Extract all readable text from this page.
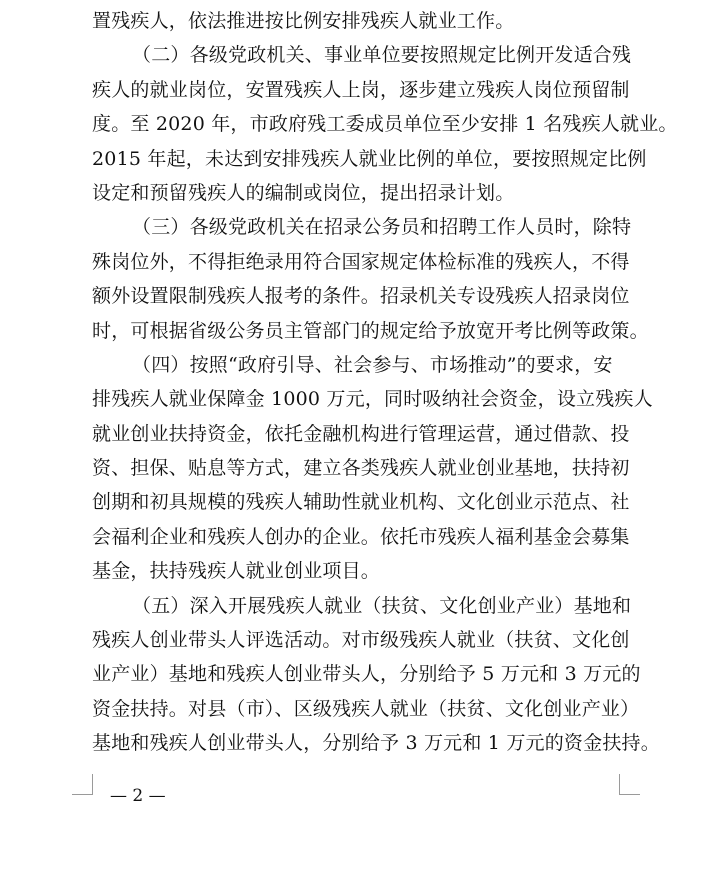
置残疾人，依法推进按比例安排残疾人就业工作。
（二）各级党政机关、事业单位要按照规定比例开发适合残
疾人的就业岗位，安置残疾人上岗，逐步建立残疾人岗位预留制
度。至 2020 年，市政府残工委成员单位至少安排 1 名残疾人就业。
2015 年起，未达到安排残疾人就业比例的单位，要按照规定比例
设定和预留残疾人的编制或岗位，提出招录计划。
（三）各级党政机关在招录公务员和招聘工作人员时，除特
殊岗位外，不得拒绝录用符合国家规定体检标准的残疾人，不得
额外设置限制残疾人报考的条件。招录机关专设残疾人招录岗位
时，可根据省级公务员主管部门的规定给予放宽开考比例等政策。
（四）按照“政府引导、社会参与、市场推动”的要求，安
排残疾人就业保障金 1000 万元，同时吸纳社会资金，设立残疾人
就业创业扶持资金，依托金融机构进行管理运营，通过借款、投
资、担保、贴息等方式，建立各类残疾人就业创业基地，扶持初
创期和初具规模的残疾人辅助性就业机构、文化创业示范点、社
会福利企业和残疾人创办的企业。依托市残疾人福利基金会募集
基金，扶持残疾人就业创业项目。
（五）深入开展残疾人就业（扶贫、文化创业产业）基地和
残疾人创业带头人评选活动。对市级残疾人就业（扶贫、文化创
业产业）基地和残疾人创业带头人，分别给予 5 万元和 3 万元的
资金扶持。对县（市）、区级残疾人就业（扶贫、文化创业产业）
基地和残疾人创业带头人，分别给予 3 万元和 1 万元的资金扶持。
— 2 —
